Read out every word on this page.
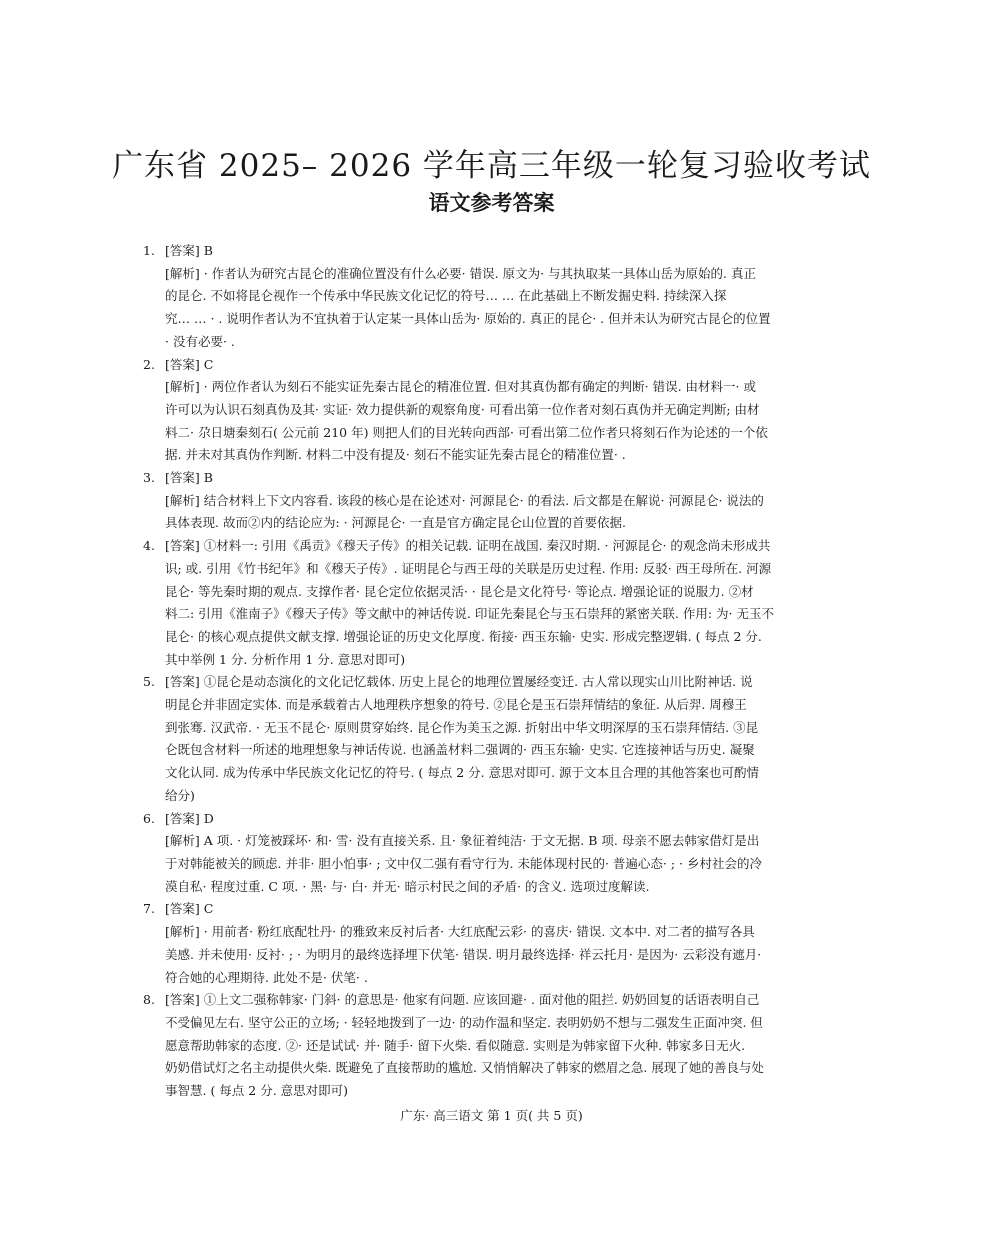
广东省 2025– 2026 学年高三年级一轮复习验收考试
语文参考答案
1. [答案] B
[解析] · 作者认为研究古昆仑的准确位置没有什么必要· 错误. 原文为· 与其执取某一具体山岳为原始的. 真正
的昆仑. 不如将昆仑视作一个传承中华民族文化记忆的符号… … 在此基础上不断发掘史料. 持续深入探
究… … · . 说明作者认为不宜执着于认定某一具体山岳为· 原始的. 真正的昆仑· . 但并未认为研究古昆仑的位置
· 没有必要· .
2. [答案] C
[解析] · 两位作者认为刻石不能实证先秦古昆仑的精准位置. 但对其真伪都有确定的判断· 错误. 由材料一· 或
许可以为认识石刻真伪及其· 实证· 效力提供新的观察角度· 可看出第一位作者对刻石真伪并无确定判断; 由材
料二· 尕日塘秦刻石( 公元前 210 年) 则把人们的目光转向西部· 可看出第二位作者只将刻石作为论述的一个依
据. 并未对其真伪作判断. 材料二中没有提及· 刻石不能实证先秦古昆仑的精准位置· .
3. [答案] B
[解析] 结合材料上下文内容看. 该段的核心是在论述对· 河源昆仑· 的看法. 后文都是在解说· 河源昆仑· 说法的
具体表现. 故而②内的结论应为: · 河源昆仑· 一直是官方确定昆仑山位置的首要依据.
4. [答案] ①材料一: 引用《禹贡》《穆天子传》的相关记载. 证明在战国. 秦汉时期. · 河源昆仑· 的观念尚未形成共
识; 或. 引用《竹书纪年》和《穆天子传》. 证明昆仑与西王母的关联是历史过程. 作用: 反驳· 西王母所在. 河源
昆仑· 等先秦时期的观点. 支撑作者· 昆仑定位依据灵活· · 昆仑是文化符号· 等论点. 增强论证的说服力. ②材
料二: 引用《淮南子》《穆天子传》等文献中的神话传说. 印证先秦昆仑与玉石崇拜的紧密关联. 作用: 为· 无玉不
昆仑· 的核心观点提供文献支撑. 增强论证的历史文化厚度. 衔接· 西玉东输· 史实. 形成完整逻辑. ( 每点 2 分.
其中举例 1 分. 分析作用 1 分. 意思对即可)
5. [答案] ①昆仑是动态演化的文化记忆载体. 历史上昆仑的地理位置屡经变迁. 古人常以现实山川比附神话. 说
明昆仑并非固定实体. 而是承载着古人地理秩序想象的符号. ②昆仑是玉石崇拜情结的象征. 从后羿. 周穆王
到张骞. 汉武帝. · 无玉不昆仑· 原则贯穿始终. 昆仑作为美玉之源. 折射出中华文明深厚的玉石崇拜情结. ③昆
仑既包含材料一所述的地理想象与神话传说. 也涵盖材料二强调的· 西玉东输· 史实. 它连接神话与历史. 凝聚
文化认同. 成为传承中华民族文化记忆的符号. ( 每点 2 分. 意思对即可. 源于文本且合理的其他答案也可酌情
给分)
6. [答案] D
[解析] A 项. · 灯笼被踩坏· 和· 雪· 没有直接关系. 且· 象征着纯洁· 于文无据. B 项. 母亲不愿去韩家借灯是出
于对韩能被关的顾虑. 并非· 胆小怕事· ; 文中仅二强有看守行为. 未能体现村民的· 普遍心态· ; · 乡村社会的冷
漠自私· 程度过重. C 项. · 黑· 与· 白· 并无· 暗示村民之间的矛盾· 的含义. 选项过度解读.
7. [答案] C
[解析] · 用前者· 粉红底配牡丹· 的雅致来反衬后者· 大红底配云彩· 的喜庆· 错误. 文本中. 对二者的描写各具
美感. 并未使用· 反衬· ; · 为明月的最终选择埋下伏笔· 错误. 明月最终选择· 祥云托月· 是因为· 云彩没有遮月·
符合她的心理期待. 此处不是· 伏笔· .
8. [答案] ①上文二强称韩家· 门斜· 的意思是· 他家有问题. 应该回避· . 面对他的阻拦. 奶奶回复的话语表明自己
不受偏见左右. 坚守公正的立场; · 轻轻地拨到了一边· 的动作温和坚定. 表明奶奶不想与二强发生正面冲突. 但
愿意帮助韩家的态度. ②· 还是试试· 并· 随手· 留下火柴. 看似随意. 实则是为韩家留下火种. 韩家多日无火.
奶奶借试灯之名主动提供火柴. 既避免了直接帮助的尴尬. 又悄悄解决了韩家的燃眉之急. 展现了她的善良与处
事智慧. ( 每点 2 分. 意思对即可)
广东· 高三语文 第 1 页( 共 5 页)
